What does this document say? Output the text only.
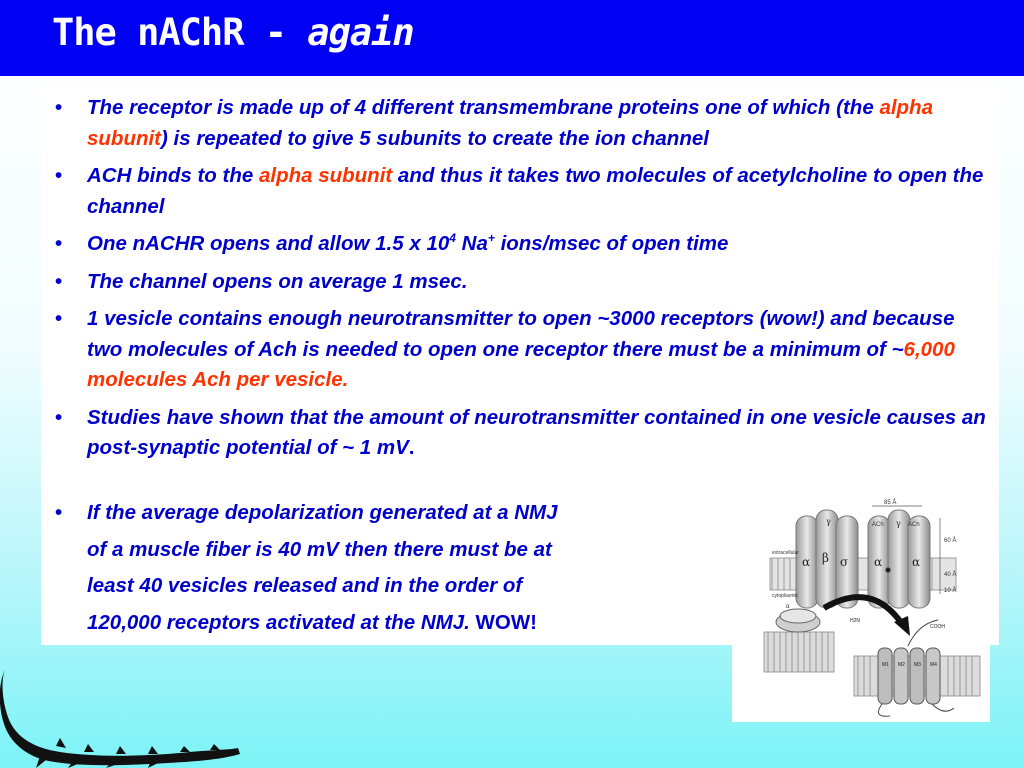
The nAChR - again
• The receptor is made up of 4 different transmembrane proteins one of which (the alpha subunit) is repeated to give 5 subunits to create the ion channel
• ACH binds to the alpha subunit and thus it takes two molecules of acetylcholine to open the channel
• One nACHR opens and allow 1.5 x $10^4$ Na+ ions/msec of open time
• The channel opens on average 1 msec.
• 1 vesicle contains enough neurotransmitter to open ~3000 receptors (wow!) and because two molecules of Ach is needed to open one receptor there must be a minimum of ~6,000 molecules Ach per vesicle.
• Studies have shown that the amount of neurotransmitter contained in one vesicle causes an post-synaptic potential of ~ 1 mV.
• If the average depolarization generated at a NMJ
of a muscle fiber is 40 mV then there must be at
least 40 vesicles released and in the order of
120,000 receptors activated at the NMJ. WOW!
85 Å
ACh	ACh
extracellular
cytoplasmic
60 Å
40 Å
10 Å
α β
γ
σ α
γ
α
α
M1 M2 M3 M4
H2N
COOH
